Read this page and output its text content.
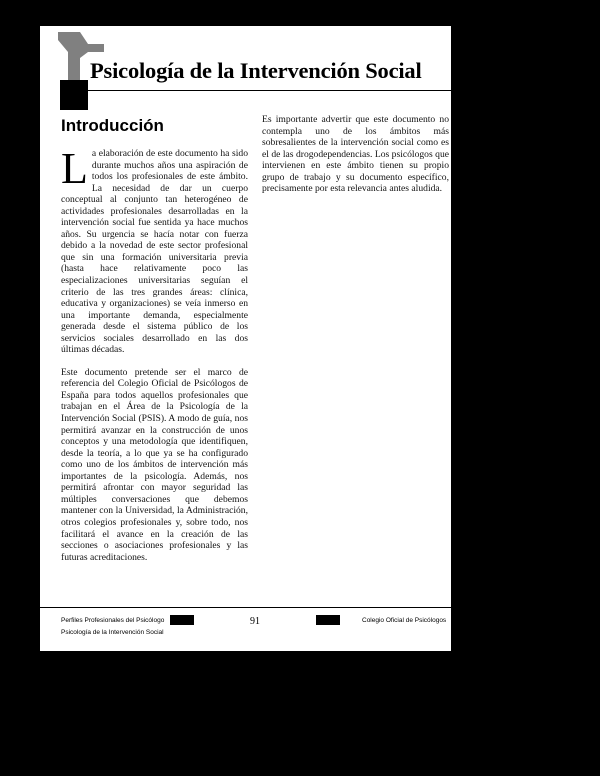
Psicología de la Intervención Social
Introducción

La elaboración de este documento ha sido durante muchos años una aspiración de todos los profesionales de este ámbito. La necesidad de dar un cuerpo conceptual al conjunto tan heterogéneo de actividades profesionales desarrolladas en la intervención social fue sentida ya hace muchos años. Su urgencia se hacía notar con fuerza debido a la novedad de este sector profesional que sin una formación universitaria previa (hasta hace relativamente poco las especializaciones universitarias seguían el criterio de las tres grandes áreas: clínica, educativa y organizaciones) se veía inmerso en una importante demanda, especialmente generada desde el sistema público de los servicios sociales desarrollado en las dos últimas décadas.

Este documento pretende ser el marco de referencia del Colegio Oficial de Psicólogos de España para todos aquellos profesionales que trabajan en el Área de la Psicología de la Intervención Social (PSIS). A modo de guía, nos permitirá avanzar en la construcción de unos conceptos y una metodología que identifiquen, desde la teoría, a lo que ya se ha configurado como uno de los ámbitos de intervención más importantes de la psicología. Además, nos permitirá afrontar con mayor seguridad las múltiples conversaciones que debemos mantener con la Universidad, la Administración, otros colegios profesionales y, sobre todo, nos facilitará el avance en la creación de las secciones o asociaciones profesionales y las futuras acreditaciones.

Es importante advertir que este documento no contempla uno de los ámbitos más sobresalientes de la intervención social como es el de las drogodependencias. Los psicólogos que intervienen en este ámbito tienen su propio grupo de trabajo y su documento específico, precisamente por esta relevancia antes aludida.

Perfiles Profesionales del Psicólogo
Psicología de la Intervención Social
91	Colegio Oficial de Psicólogos
